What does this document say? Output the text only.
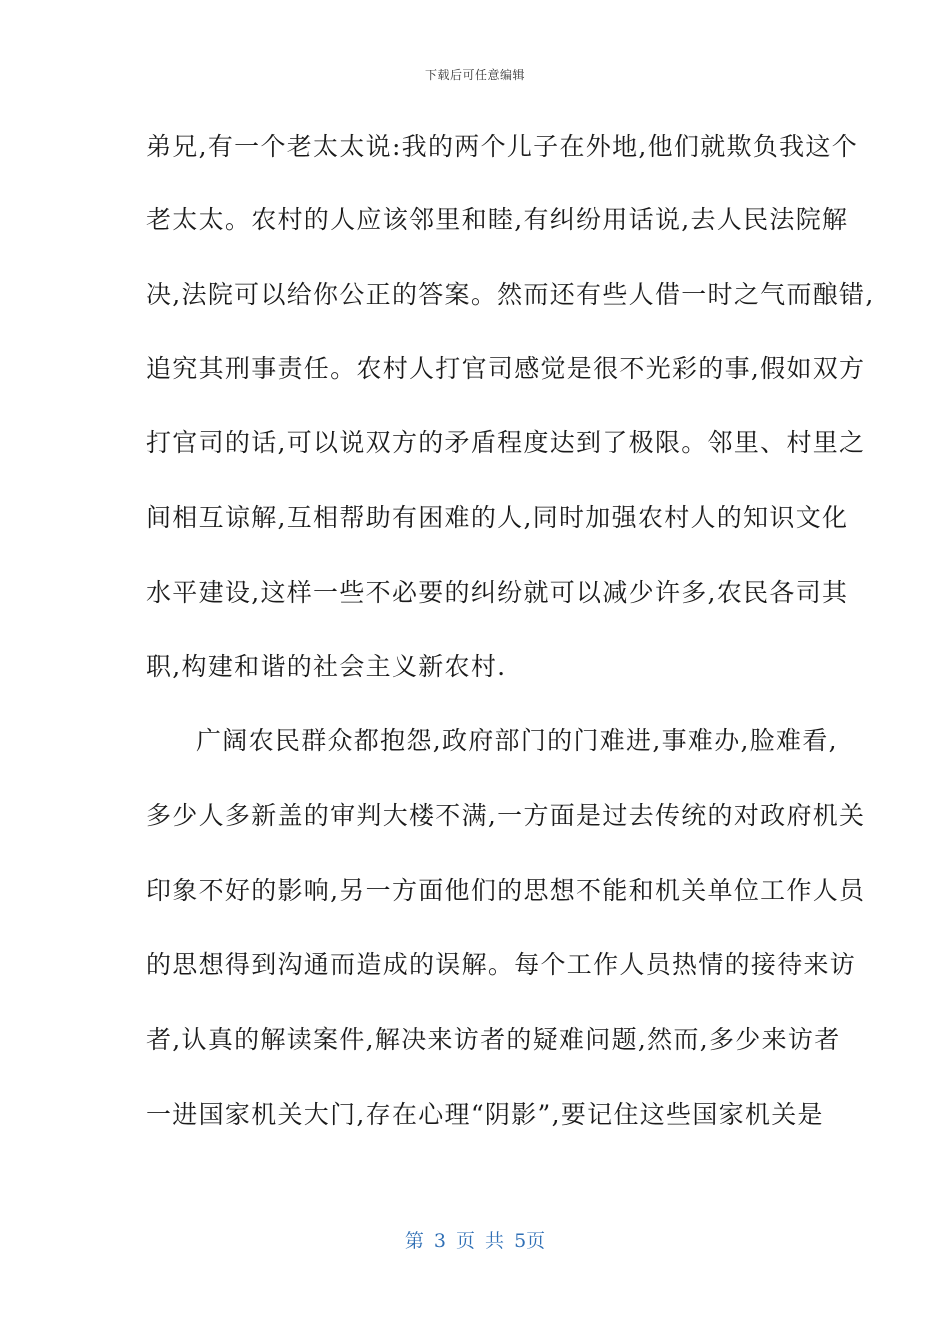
下载后可任意编辑
弟兄,有一个老太太说:我的两个儿子在外地,他们就欺负我这个
老太太。农村的人应该邻里和睦,有纠纷用话说,去人民法院解
决,法院可以给你公正的答案。然而还有些人借一时之气而酿错,
追究其刑事责任。农村人打官司感觉是很不光彩的事,假如双方
打官司的话,可以说双方的矛盾程度达到了极限。邻里、村里之
间相互谅解,互相帮助有困难的人,同时加强农村人的知识文化
水平建设,这样一些不必要的纠纷就可以减少许多,农民各司其
职,构建和谐的社会主义新农村.
广阔农民群众都抱怨,政府部门的门难进,事难办,脸难看,
多少人多新盖的审判大楼不满,一方面是过去传统的对政府机关
印象不好的影响,另一方面他们的思想不能和机关单位工作人员
的思想得到沟通而造成的误解。每个工作人员热情的接待来访
者,认真的解读案件,解决来访者的疑难问题,然而,多少来访者
一进国家机关大门,存在心理“阴影”,要记住这些国家机关是
第 3 页 共 5页
